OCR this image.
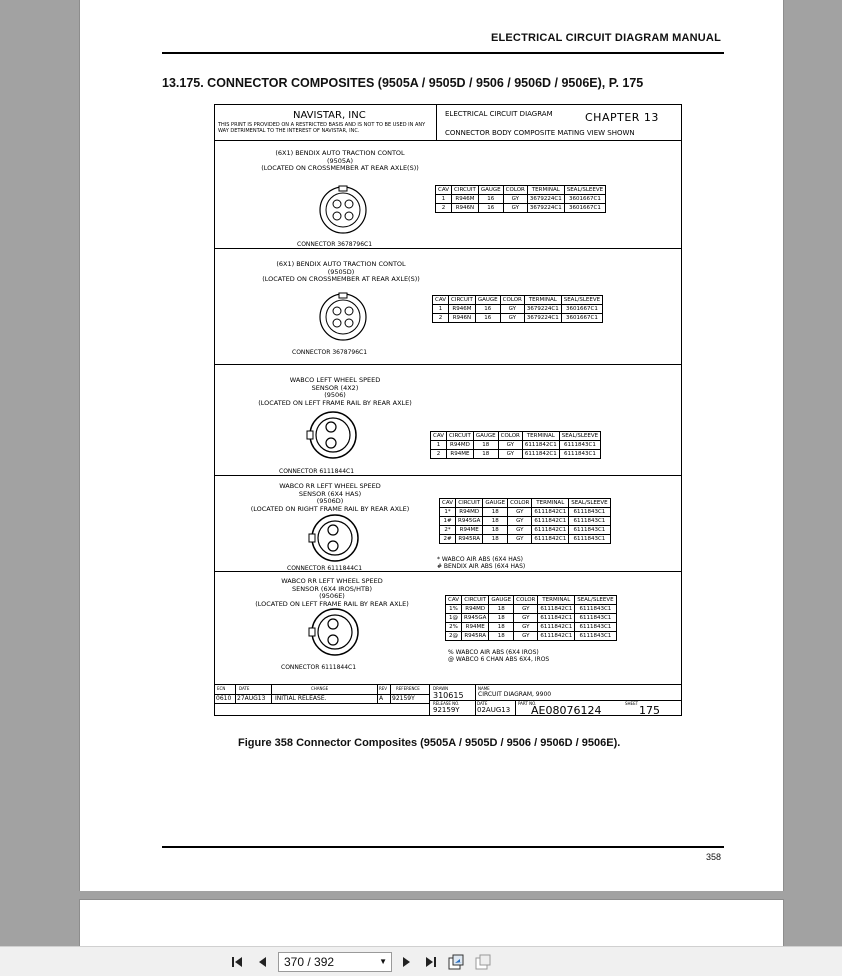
ELECTRICAL CIRCUIT DIAGRAM MANUAL
13.175. CONNECTOR COMPOSITES (9505A / 9505D / 9506 / 9506D / 9506E), P. 175
NAVISTAR, INC
THIS PRINT IS PROVIDED ON A RESTRICTED BASIS AND IS NOT TO BE USED IN ANY WAY DETRIMENTAL TO THE INTEREST OF NAVISTAR, INC.
ELECTRICAL CIRCUIT DIAGRAM	CHAPTER 13
CONNECTOR BODY COMPOSITE MATING VIEW SHOWN
(6X1) BENDIX AUTO TRACTION CONTOL
(9505A)
(LOCATED ON CROSSMEMBER AT REAR AXLE(S))
CONNECTOR 3678796C1
CAV	CIRCUIT	GAUGE	COLOR	TERMINAL	SEAL/SLEEVE
1	R946M	16	GY	3679224C1	3601667C1
2	R946N	16	GY	3679224C1	3601667C1
(6X1) BENDIX AUTO TRACTION CONTOL
(9505D)
(LOCATED ON CROSSMEMBER AT REAR AXLE(S))
CONNECTOR 3678796C1
CAV	CIRCUIT	GAUGE	COLOR	TERMINAL	SEAL/SLEEVE
1	R946M	16	GY	3679224C1	3601667C1
2	R946N	16	GY	3679224C1	3601667C1
WABCO LEFT WHEEL SPEED
SENSOR (4X2)
(9506)
(LOCATED ON LEFT FRAME RAIL BY REAR AXLE)
CONNECTOR 6111844C1
CAV	CIRCUIT	GAUGE	COLOR	TERMINAL	SEAL/SLEEVE
1	R94MD	18	GY	6111842C1	6111843C1
2	R94ME	18	GY	6111842C1	6111843C1
WABCO RR LEFT WHEEL SPEED
SENSOR (6X4 HAS)
(9506D)
(LOCATED ON RIGHT FRAME RAIL BY REAR AXLE)
CONNECTOR 6111844C1
CAV	CIRCUIT	GAUGE	COLOR	TERMINAL	SEAL/SLEEVE
1*	R94MD	18	GY	6111842C1	6111843C1
1#	R945GA	18	GY	6111842C1	6111843C1
2*	R94ME	18	GY	6111842C1	6111843C1
2#	R945RA	18	GY	6111842C1	6111843C1
* WABCO AIR ABS (6X4 HAS)
# BENDIX AIR ABS (6X4 HAS)
WABCO RR LEFT WHEEL SPEED
SENSOR (6X4 IROS/HTB)
(9506E)
(LOCATED ON LEFT FRAME RAIL BY REAR AXLE)
CONNECTOR 6111844C1
CAV	CIRCUIT	GAUGE	COLOR	TERMINAL	SEAL/SLEEVE
1%	R94MD	18	GY	6111842C1	6111843C1
1@	R945GA	18	GY	6111842C1	6111843C1
2%	R94ME	18	GY	6111842C1	6111843C1
2@	R945RA	18	GY	6111842C1	6111843C1
% WABCO AIR ABS (6X4 IROS)
@ WABCO 6 CHAN ABS 6X4, IROS
ECN	DATE	CHANGE	REV REFERENCE
0610 27AUG13 INITIAL RELEASE.	A 92159Y
DRAWN
310615
NAME
CIRCUIT DIAGRAM, 9900
RELEASE NO.
92159Y
DATE
02AUG13
PART NO.
AE08076124
SHEET
175
Figure 358 Connector Composites (9505A / 9505D / 9506 / 9506D / 9506E).
358
370 / 392	▼
